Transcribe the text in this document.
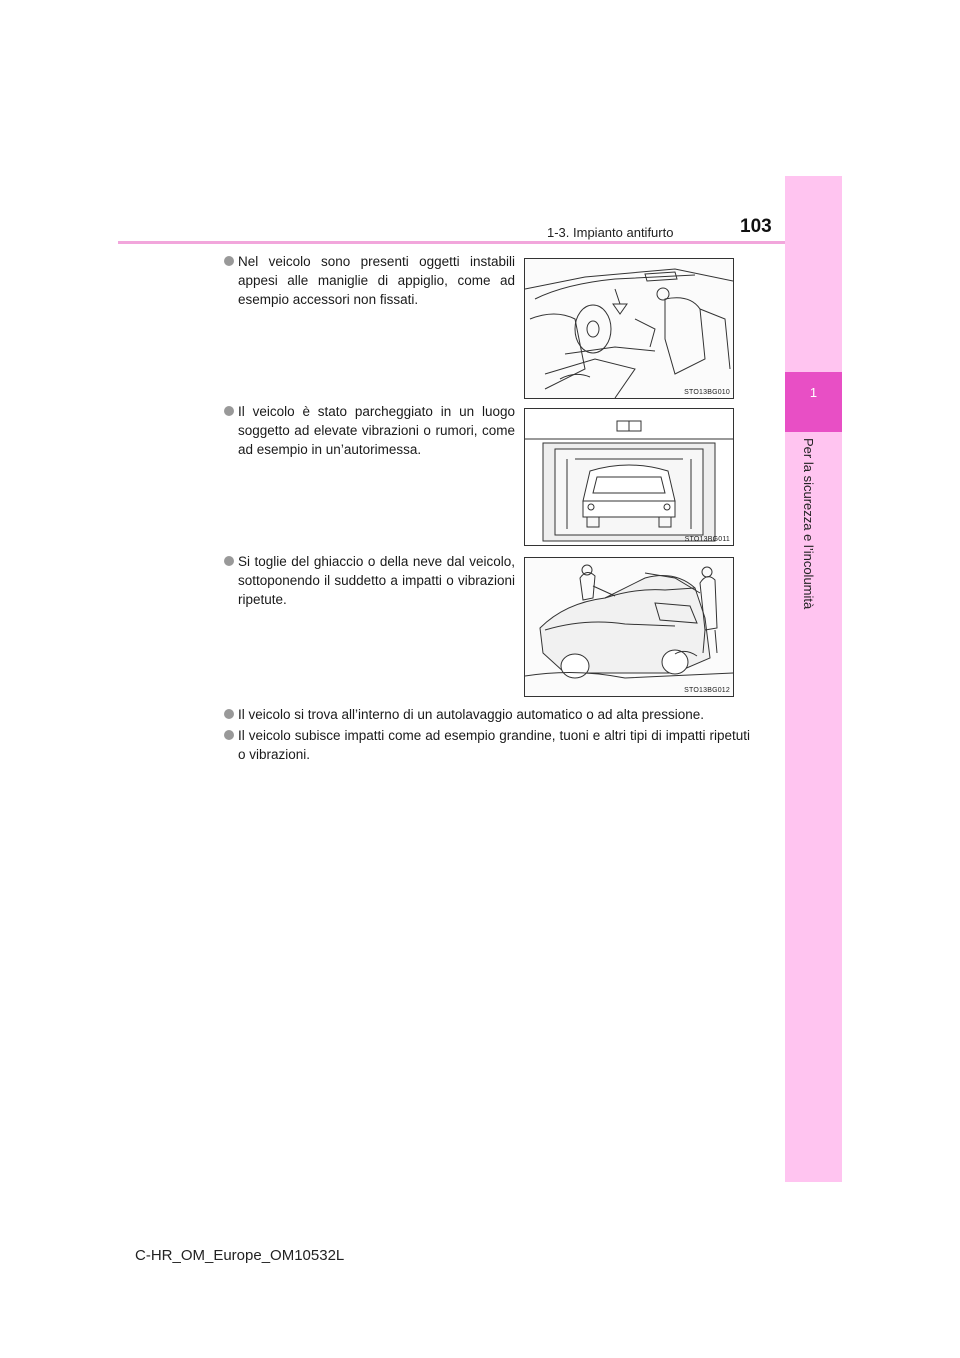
1
Per la sicurezza e l’incolumità
1-3. Impianto antifurto	103
Nel veicolo sono presenti oggetti instabili appesi alle maniglie di appiglio, come ad esempio accessori non fissati.
STO13BG010
Il veicolo è stato parcheggiato in un luogo soggetto ad elevate vibrazioni o rumori, come ad esempio in un’autorimessa.
STO13BG011
Si toglie del ghiaccio o della neve dal veicolo, sottoponendo il suddetto a impatti o vibrazioni ripetute.
STO13BG012
Il veicolo si trova all’interno di un autolavaggio automatico o ad alta pressione.
Il veicolo subisce impatti come ad esempio grandine, tuoni e altri tipi di impatti ripetuti o vibrazioni.
C-HR_OM_Europe_OM10532L
